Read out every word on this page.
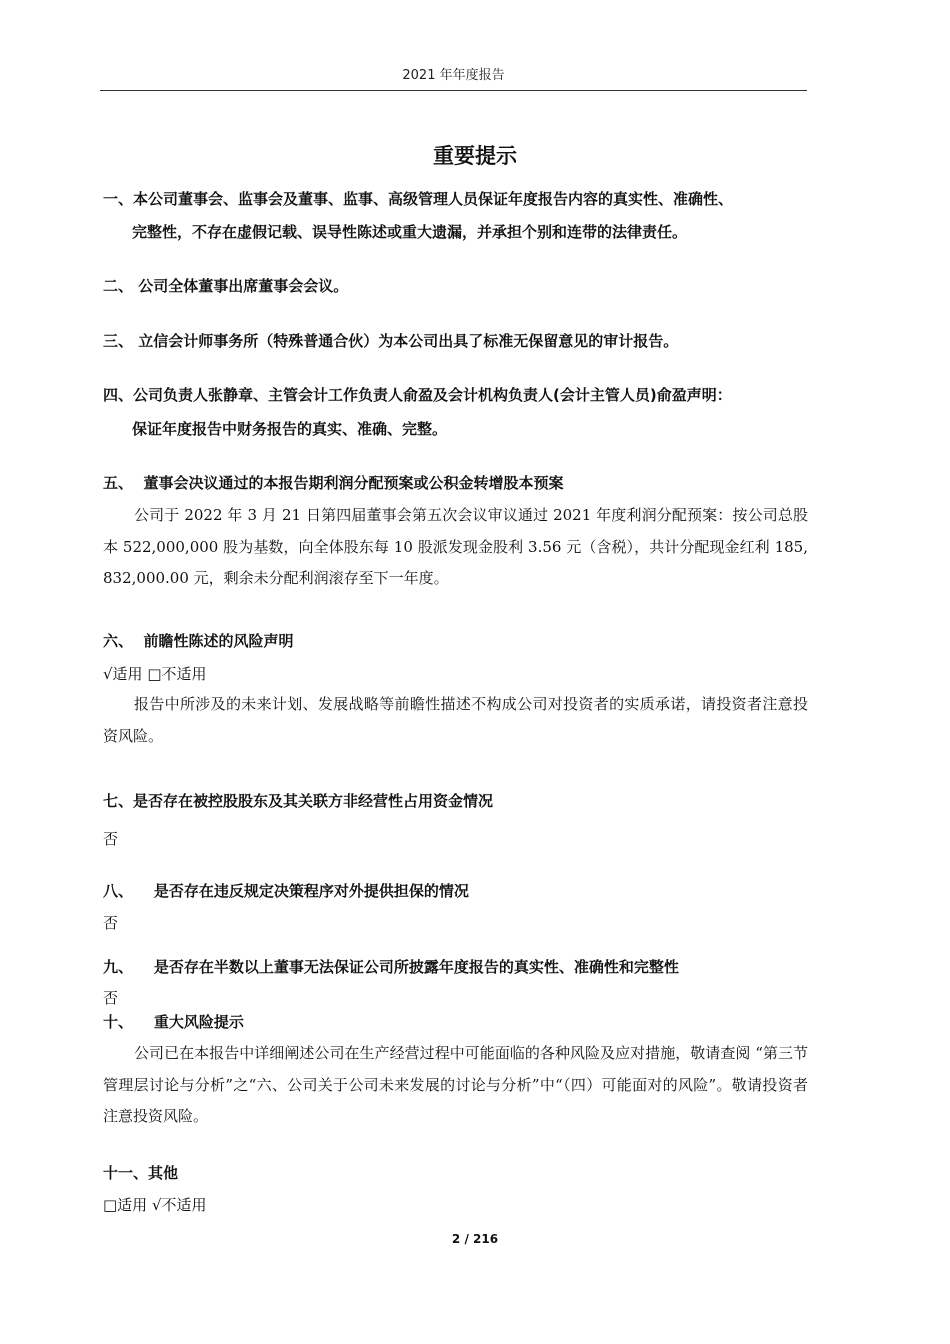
2021 年年度报告
重要提示
一、本公司董事会、监事会及董事、监事、高级管理人员保证年度报告内容的真实性、准确性、
完整性，不存在虚假记载、误导性陈述或重大遗漏，并承担个别和连带的法律责任。
二、 公司全体董事出席董事会会议。
三、 立信会计师事务所（特殊普通合伙）为本公司出具了标准无保留意见的审计报告。
四、公司负责人张静章、主管会计工作负责人俞盈及会计机构负责人(会计主管人员)俞盈声明：
保证年度报告中财务报告的真实、准确、完整。
五、 董事会决议通过的本报告期利润分配预案或公积金转增股本预案
公司于 2022 年 3 月 21 日第四届董事会第五次会议审议通过 2021 年度利润分配预案：按公司总股本 522,000,000 股为基数，向全体股东每 10 股派发现金股利 3.56 元（含税），共计分配现金红利 185,832,000.00 元，剩余未分配利润滚存至下一年度。
六、 前瞻性陈述的风险声明
√适用 □不适用
报告中所涉及的未来计划、发展战略等前瞻性描述不构成公司对投资者的实质承诺，请投资者注意投资风险。
七、是否存在被控股股东及其关联方非经营性占用资金情况
否
八、 是否存在违反规定决策程序对外提供担保的情况
否
九、 是否存在半数以上董事无法保证公司所披露年度报告的真实性、准确性和完整性
否
十、 重大风险提示
公司已在本报告中详细阐述公司在生产经营过程中可能面临的各种风险及应对措施，敬请查阅 “第三节 管理层讨论与分析”之“六、公司关于公司未来发展的讨论与分析”中“（四）可能面对的风险”。敬请投资者注意投资风险。
十一、其他
□适用 √不适用
2 / 216
